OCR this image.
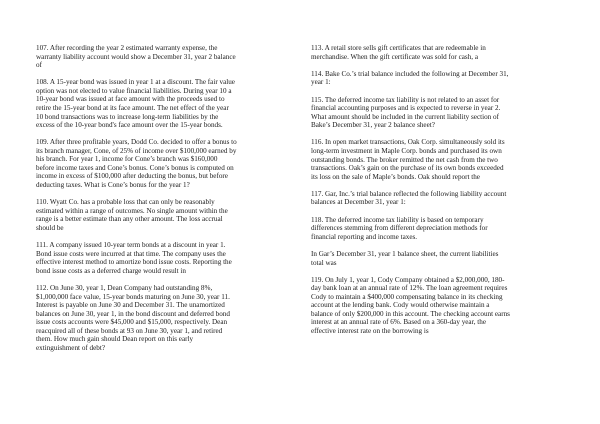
107. After recording the year 2 estimated warranty expense, the
warranty liability account would show a December 31, year 2 balance
of

108. A 15-year bond was issued in year 1 at a discount. The fair value
option was not elected to value financial liabilities. During year 10 a
10-year bond was issued at face amount with the proceeds used to
retire the 15-year bond at its face amount. The net effect of the year
10 bond transactions was to increase long-term liabilities by the
excess of the 10-year bond's face amount over the 15-year bonds.

109. After three profitable years, Dodd Co. decided to offer a bonus to
its branch manager, Cone, of 25% of income over $100,000 earned by
his branch. For year 1, income for Cone’s branch was $160,000
before income taxes and Cone’s bonus. Cone’s bonus is computed on
income in excess of $100,000 after deducting the bonus, but before
deducting taxes. What is Cone’s bonus for the year 1?

110. Wyatt Co. has a probable loss that can only be reasonably
estimated within a range of outcomes. No single amount within the
range is a better estimate than any other amount. The loss accrual
should be

111. A company issued 10-year term bonds at a discount in year 1.
Bond issue costs were incurred at that time. The company uses the
effective interest method to amortize bond issue costs. Reporting the
bond issue costs as a deferred charge would result in

112. On June 30, year 1, Dean Company had outstanding 8%,
$1,000,000 face value, 15-year bonds maturing on June 30, year 11.
Interest is payable on June 30 and December 31. The unamortized
balances on June 30, year 1, in the bond discount and deferred bond
issue costs accounts were $45,000 and $15,000, respectively. Dean
reacquired all of these bonds at 93 on June 30, year 1, and retired
them. How much gain should Dean report on this early
extinguishment of debt?

113. A retail store sells gift certificates that are redeemable in
merchandise. When the gift certificate was sold for cash, a

114. Bake Co.’s trial balance included the following at December 31,
year 1:

115. The deferred income tax liability is not related to an asset for
financial accounting purposes and is expected to reverse in year 2.
What amount should be included in the current liability section of
Bake’s December 31, year 2 balance sheet?

116. In open market transactions, Oak Corp. simultaneously sold its
long-term investment in Maple Corp. bonds and purchased its own
outstanding bonds. The broker remitted the net cash from the two
transactions. Oak’s gain on the purchase of its own bonds exceeded
its loss on the sale of Maple’s bonds. Oak should report the

117. Gar, Inc.’s trial balance reflected the following liability account
balances at December 31, year 1:

118. The deferred income tax liability is based on temporary
differences stemming from different depreciation methods for
financial reporting and income taxes.

In Gar’s December 31, year 1 balance sheet, the current liabilities
total was

119. On July 1, year 1, Cody Company obtained a $2,000,000, 180-
day bank loan at an annual rate of 12%. The loan agreement requires
Cody to maintain a $400,000 compensating balance in its checking
account at the lending bank. Cody would otherwise maintain a
balance of only $200,000 in this account. The checking account earns
interest at an annual rate of 6%. Based on a 360-day year, the
effective interest rate on the borrowing is
